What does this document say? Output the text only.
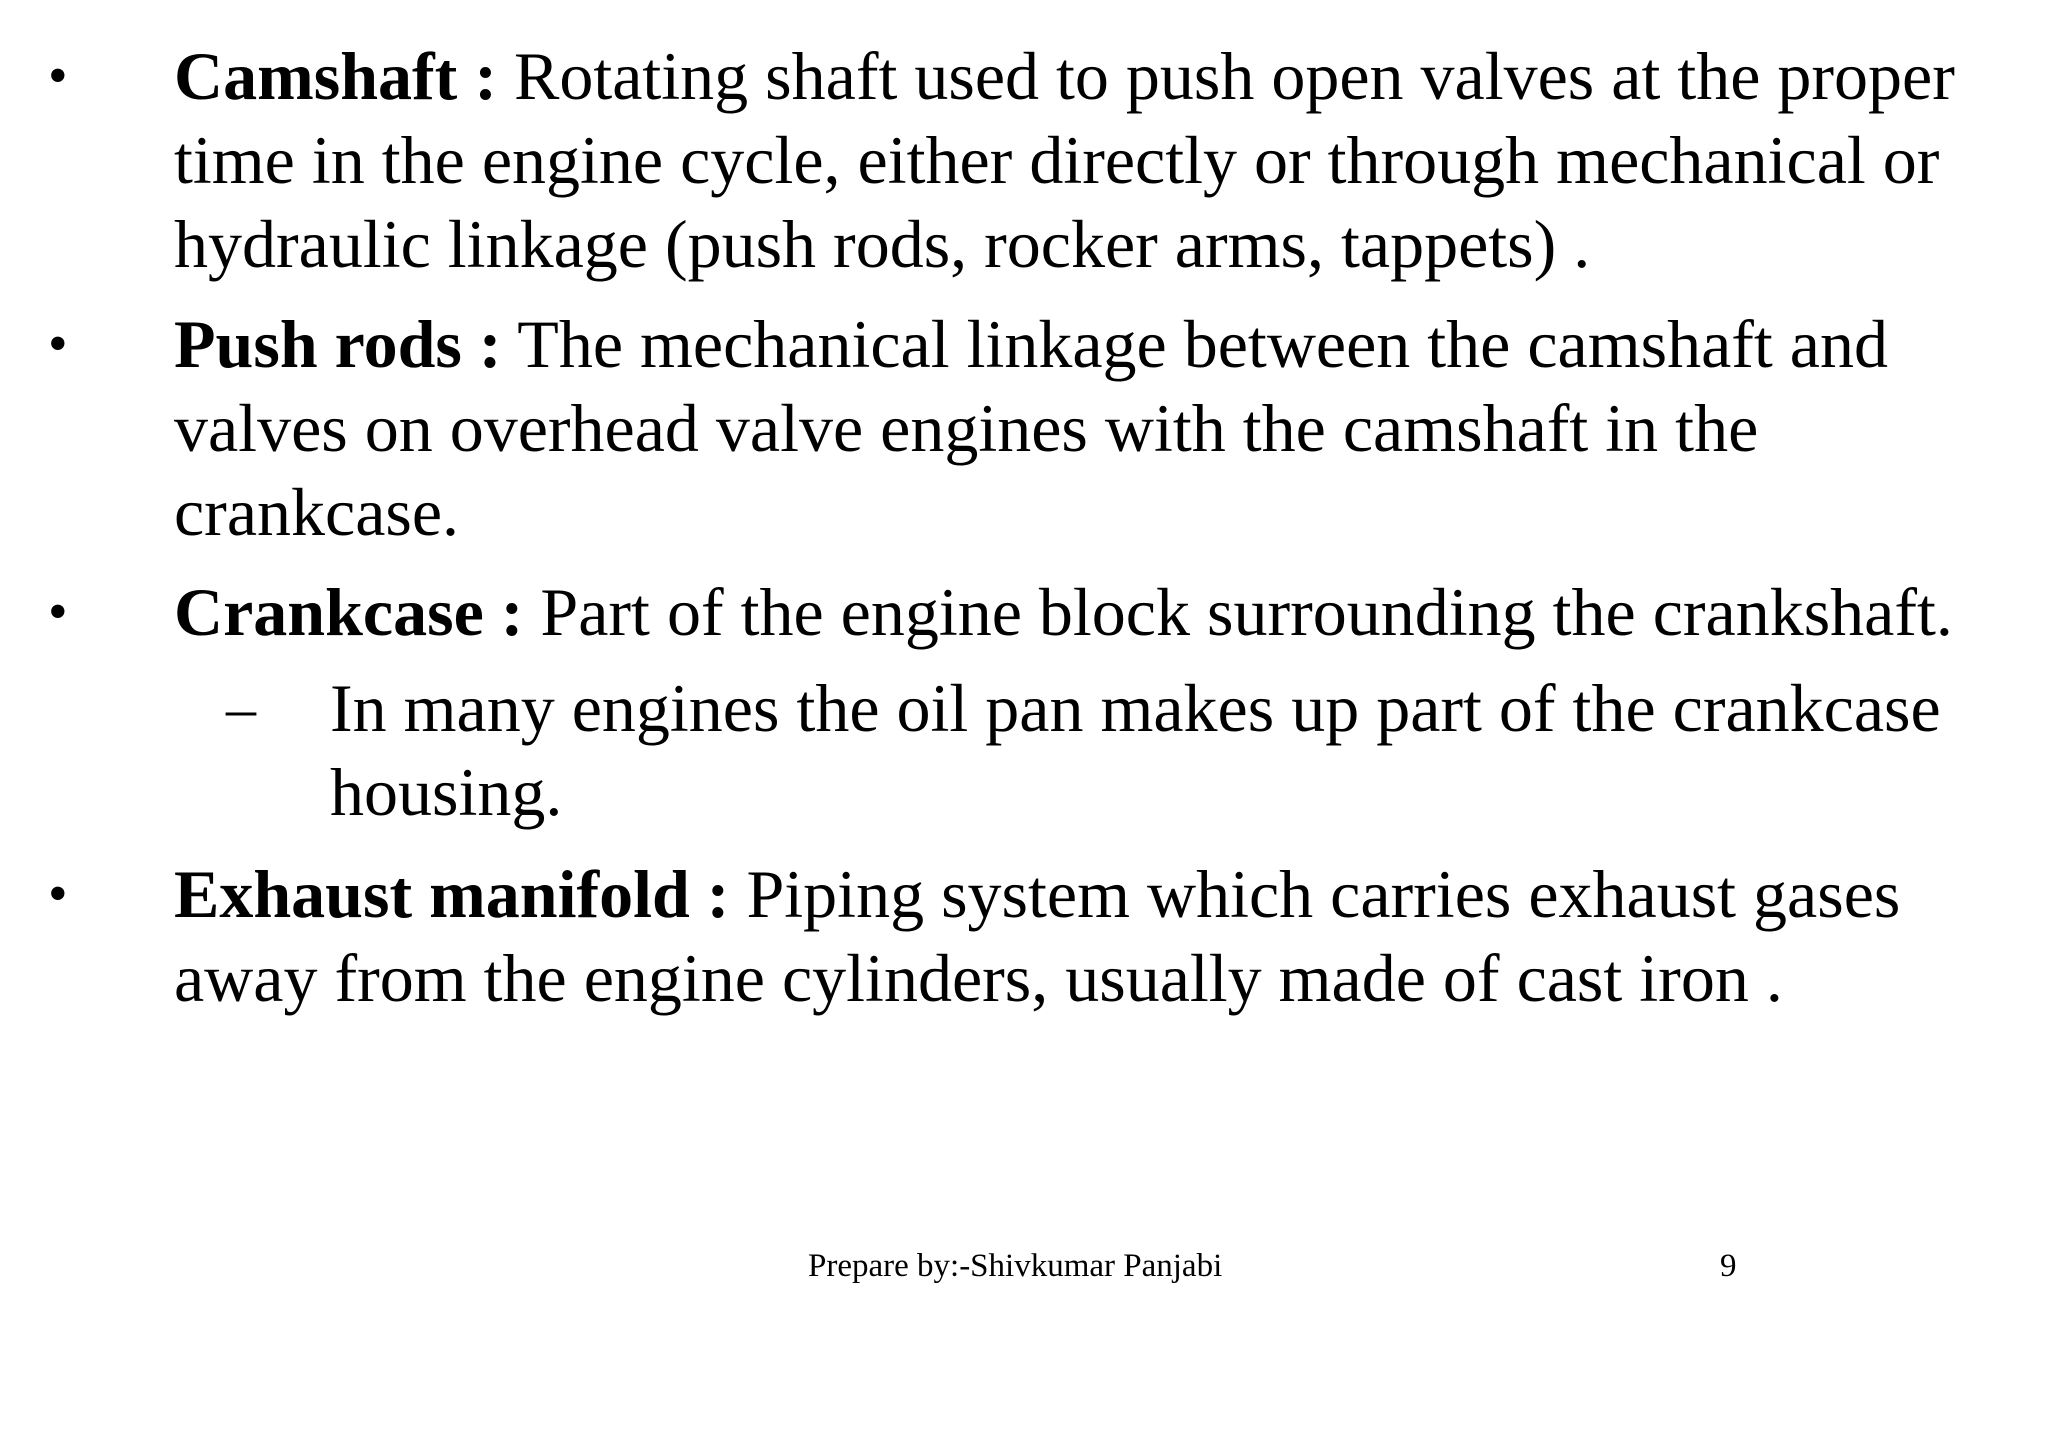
• Camshaft : Rotating shaft used to push open valves at the proper time in the engine cycle, either directly or through mechanical or hydraulic linkage (push rods, rocker arms, tappets) .
• Push rods : The mechanical linkage between the camshaft and valves on overhead valve engines with the camshaft in the crankcase.
• Crankcase : Part of the engine block surrounding the crankshaft.
– In many engines the oil pan makes up part of the crankcase housing.
• Exhaust manifold : Piping system which carries exhaust gases away from the engine cylinders, usually made of cast iron .
Prepare by:-Shivkumar Panjabi	9
